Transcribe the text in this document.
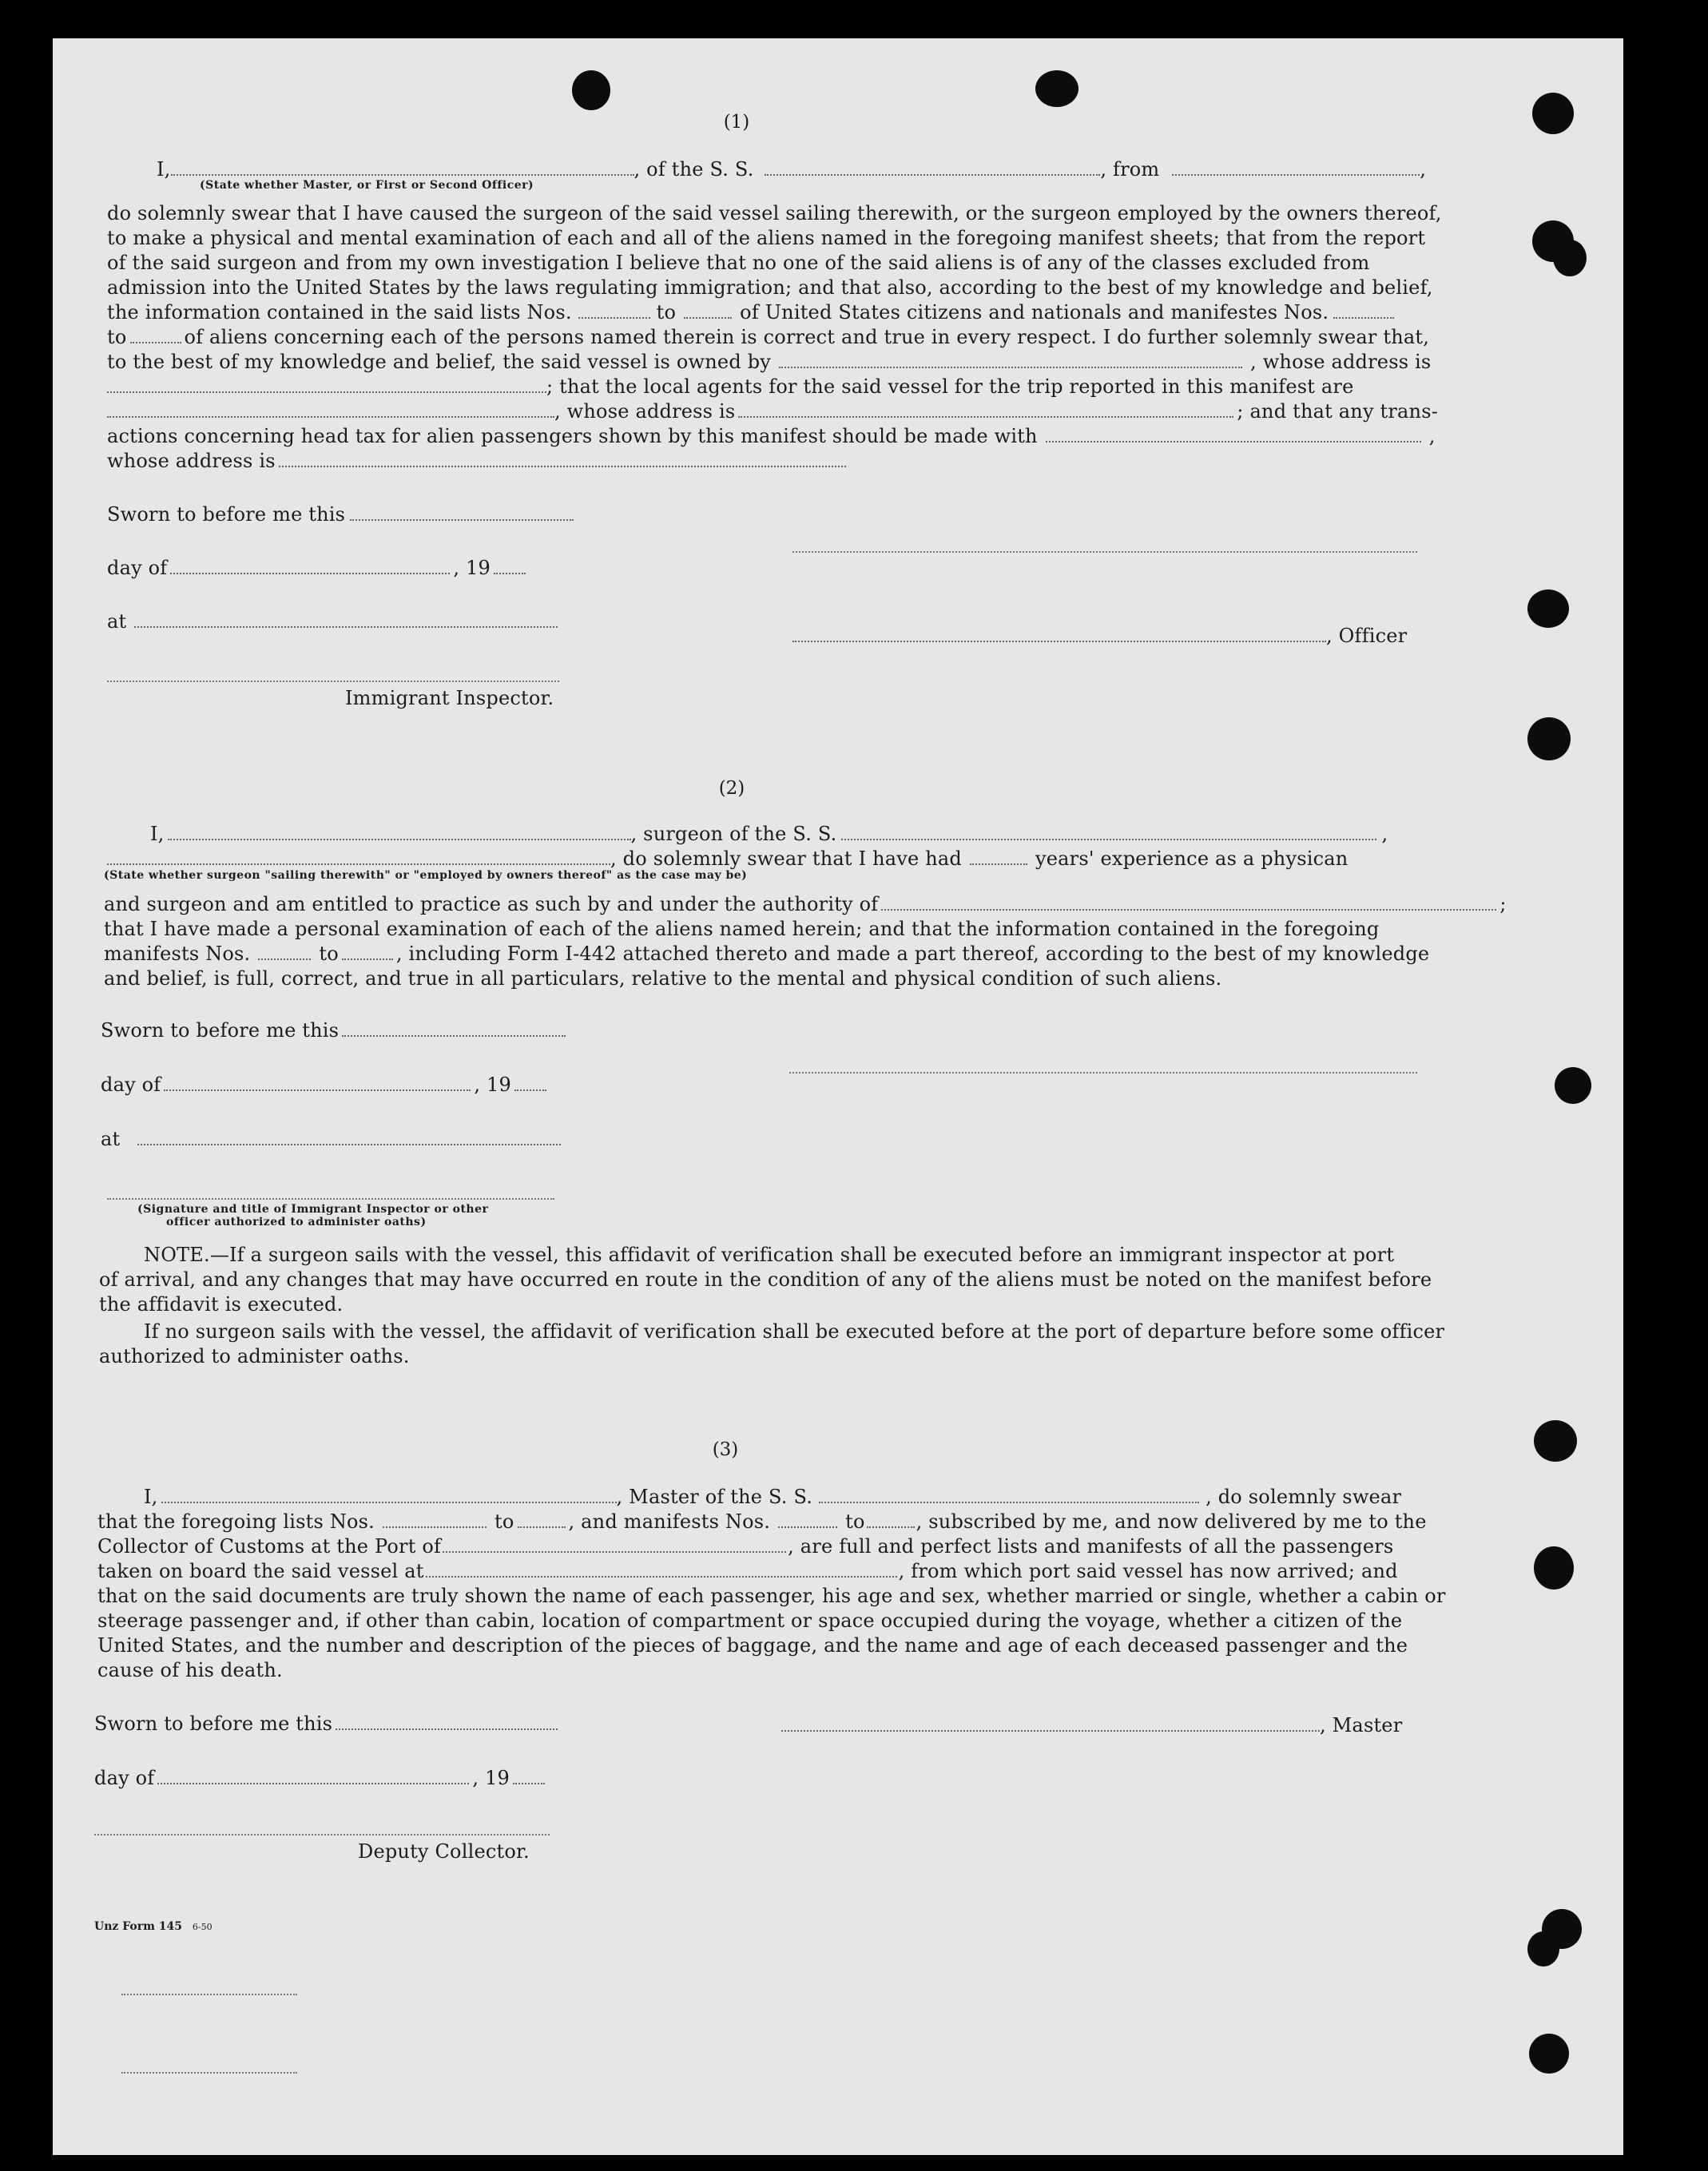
(1)
I,	, of the S. S.	, from	,
(State whether Master, or First or Second Officer)
do solemnly swear that I have caused the surgeon of the said vessel sailing therewith, or the surgeon employed by the owners thereof,
to make a physical and mental examination of each and all of the aliens named in the foregoing manifest sheets; that from the report
of the said surgeon and from my own investigation I believe that no one of the said aliens is of any of the classes excluded from
admission into the United States by the laws regulating immigration; and that also, according to the best of my knowledge and belief,
the information contained in the said lists Nos.	to	of United States citizens and nationals and manifestes Nos.
to	of aliens concerning each of the persons named therein is correct and true in every respect. I do further solemnly swear that,
to the best of my knowledge and belief, the said vessel is owned by	, whose address is
; that the local agents for the said vessel for the trip reported in this manifest are
, whose address is	; and that any trans-
actions concerning head tax for alien passengers shown by this manifest should be made with	,
whose address is
Sworn to before me this
day of	, 19
at
, Officer
Immigrant Inspector.
(2)
I,	, surgeon of the S. S.	,
, do solemnly swear that I have had	years' experience as a physican
(State whether surgeon "sailing therewith" or "employed by owners thereof" as the case may be)
and surgeon and am entitled to practice as such by and under the authority of	;
that I have made a personal examination of each of the aliens named herein; and that the information contained in the foregoing
manifests Nos.	to	, including Form I-442 attached thereto and made a part thereof, according to the best of my knowledge
and belief, is full, correct, and true in all particulars, relative to the mental and physical condition of such aliens.
Sworn to before me this
day of	, 19
at
(Signature and title of Immigrant Inspector or other
officer authorized to administer oaths)
NOTE.—If a surgeon sails with the vessel, this affidavit of verification shall be executed before an immigrant inspector at port
of arrival, and any changes that may have occurred en route in the condition of any of the aliens must be noted on the manifest before
the affidavit is executed.
If no surgeon sails with the vessel, the affidavit of verification shall be executed before at the port of departure before some officer
authorized to administer oaths.
(3)
I,	, Master of the S. S.	, do solemnly swear
that the foregoing lists Nos.	to	, and manifests Nos.	to	, subscribed by me, and now delivered by me to the
Collector of Customs at the Port of	, are full and perfect lists and manifests of all the passengers
taken on board the said vessel at	, from which port said vessel has now arrived; and
that on the said documents are truly shown the name of each passenger, his age and sex, whether married or single, whether a cabin or
steerage passenger and, if other than cabin, location of compartment or space occupied during the voyage, whether a citizen of the
United States, and the number and description of the pieces of baggage, and the name and age of each deceased passenger and the
cause of his death.
Sworn to before me this	, Master
day of	, 19
Deputy Collector.
Unz Form 145 6-50
